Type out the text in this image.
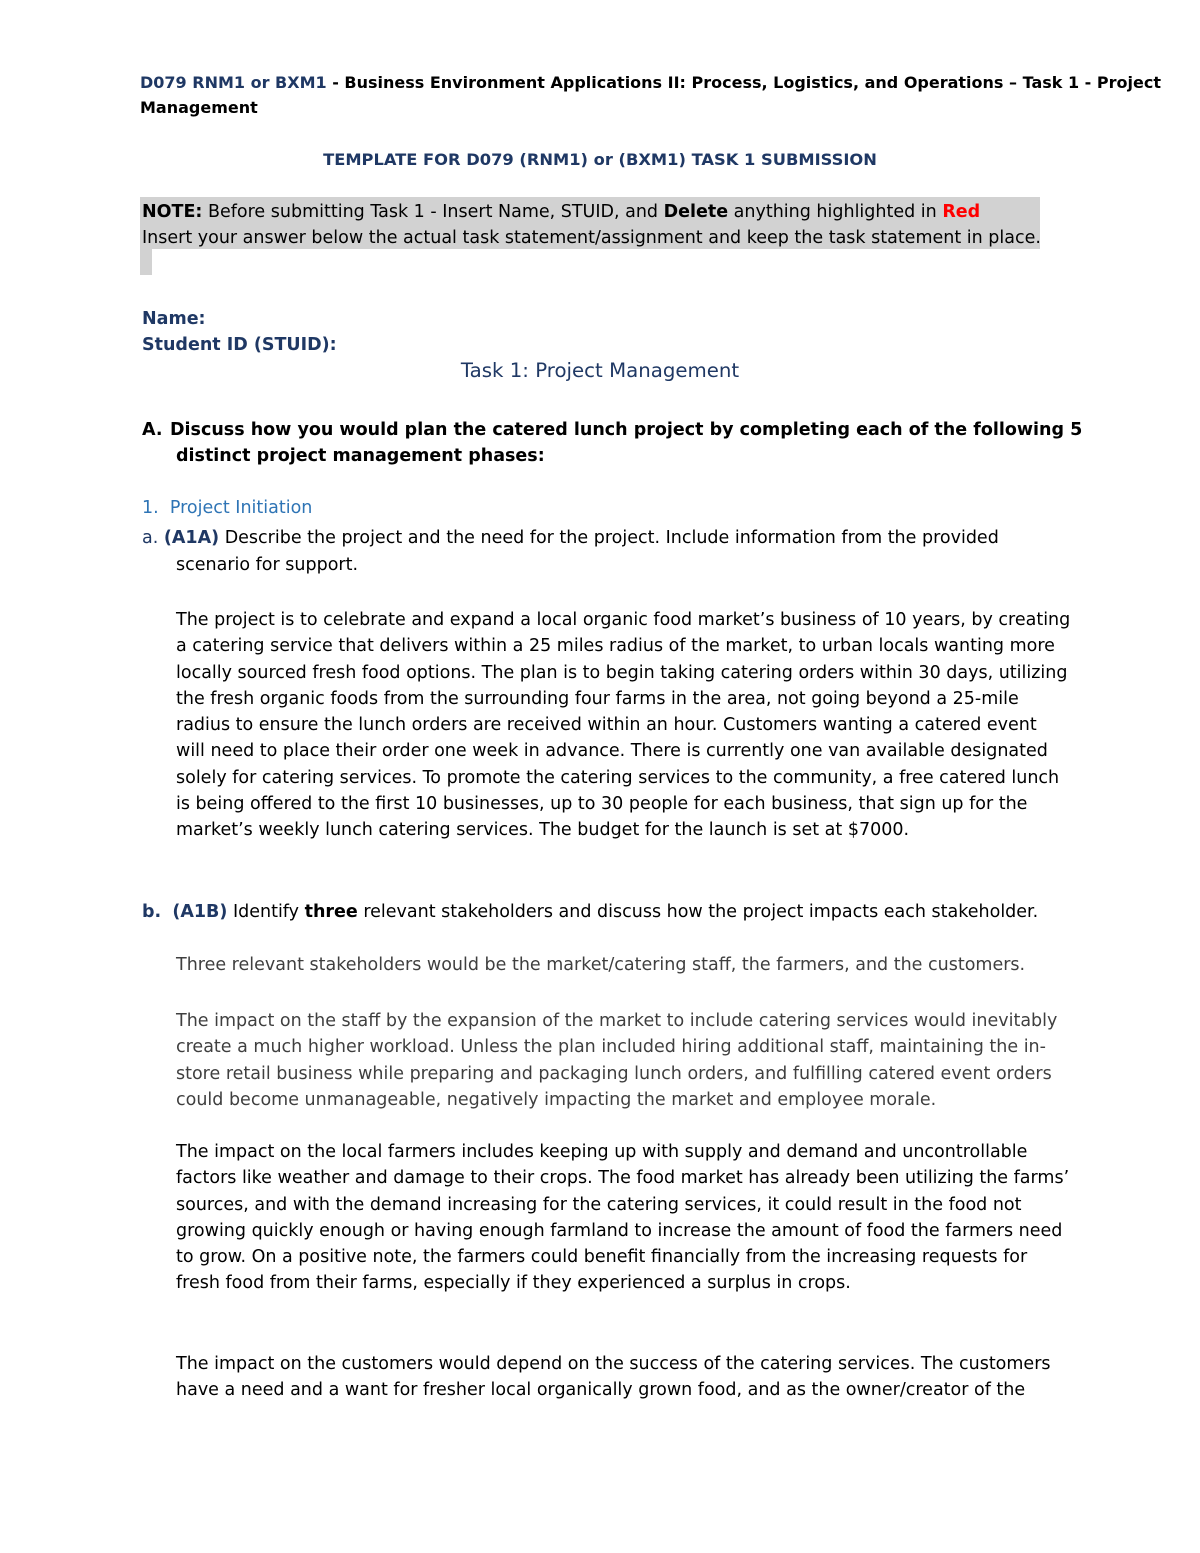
D079 RNM1 or BXM1 - Business Environment Applications II: Process, Logistics, and Operations – Task 1 - Project
Management
TEMPLATE FOR D079 (RNM1) or (BXM1) TASK 1 SUBMISSION
NOTE: Before submitting Task 1 - Insert Name, STUID, and Delete anything highlighted in Red
Insert your answer below the actual task statement/assignment and keep the task statement in place.
Name:
Student ID (STUID):
Task 1: Project Management
A. Discuss how you would plan the catered lunch project by completing each of the following 5
distinct project management phases:
1. Project Initiation
a. (A1A) Describe the project and the need for the project. Include information from the provided
scenario for support.

The project is to celebrate and expand a local organic food market’s business of 10 years, by creating

a catering service that delivers within a 25 miles radius of the market, to urban locals wanting more

locally sourced fresh food options. The plan is to begin taking catering orders within 30 days, utilizing

the fresh organic foods from the surrounding four farms in the area, not going beyond a 25-mile

radius to ensure the lunch orders are received within an hour. Customers wanting a catered event

will need to place their order one week in advance. There is currently one van available designated

solely for catering services. To promote the catering services to the community, a free catered lunch

is being offered to the first 10 businesses, up to 30 people for each business, that sign up for the

market’s weekly lunch catering services. The budget for the launch is set at $7000.

b. (A1B) Identify three relevant stakeholders and discuss how the project impacts each stakeholder.
Three relevant stakeholders would be the market/catering staff, the farmers, and the customers.

The impact on the staff by the expansion of the market to include catering services would inevitably

create a much higher workload. Unless the plan included hiring additional staff, maintaining the in-

store retail business while preparing and packaging lunch orders, and fulfilling catered event orders

could become unmanageable, negatively impacting the market and employee morale.

The impact on the local farmers includes keeping up with supply and demand and uncontrollable

factors like weather and damage to their crops. The food market has already been utilizing the farms’

sources, and with the demand increasing for the catering services, it could result in the food not

growing quickly enough or having enough farmland to increase the amount of food the farmers need

to grow. On a positive note, the farmers could benefit financially from the increasing requests for

fresh food from their farms, especially if they experienced a surplus in crops.

The impact on the customers would depend on the success of the catering services. The customers

have a need and a want for fresher local organically grown food, and as the owner/creator of the
